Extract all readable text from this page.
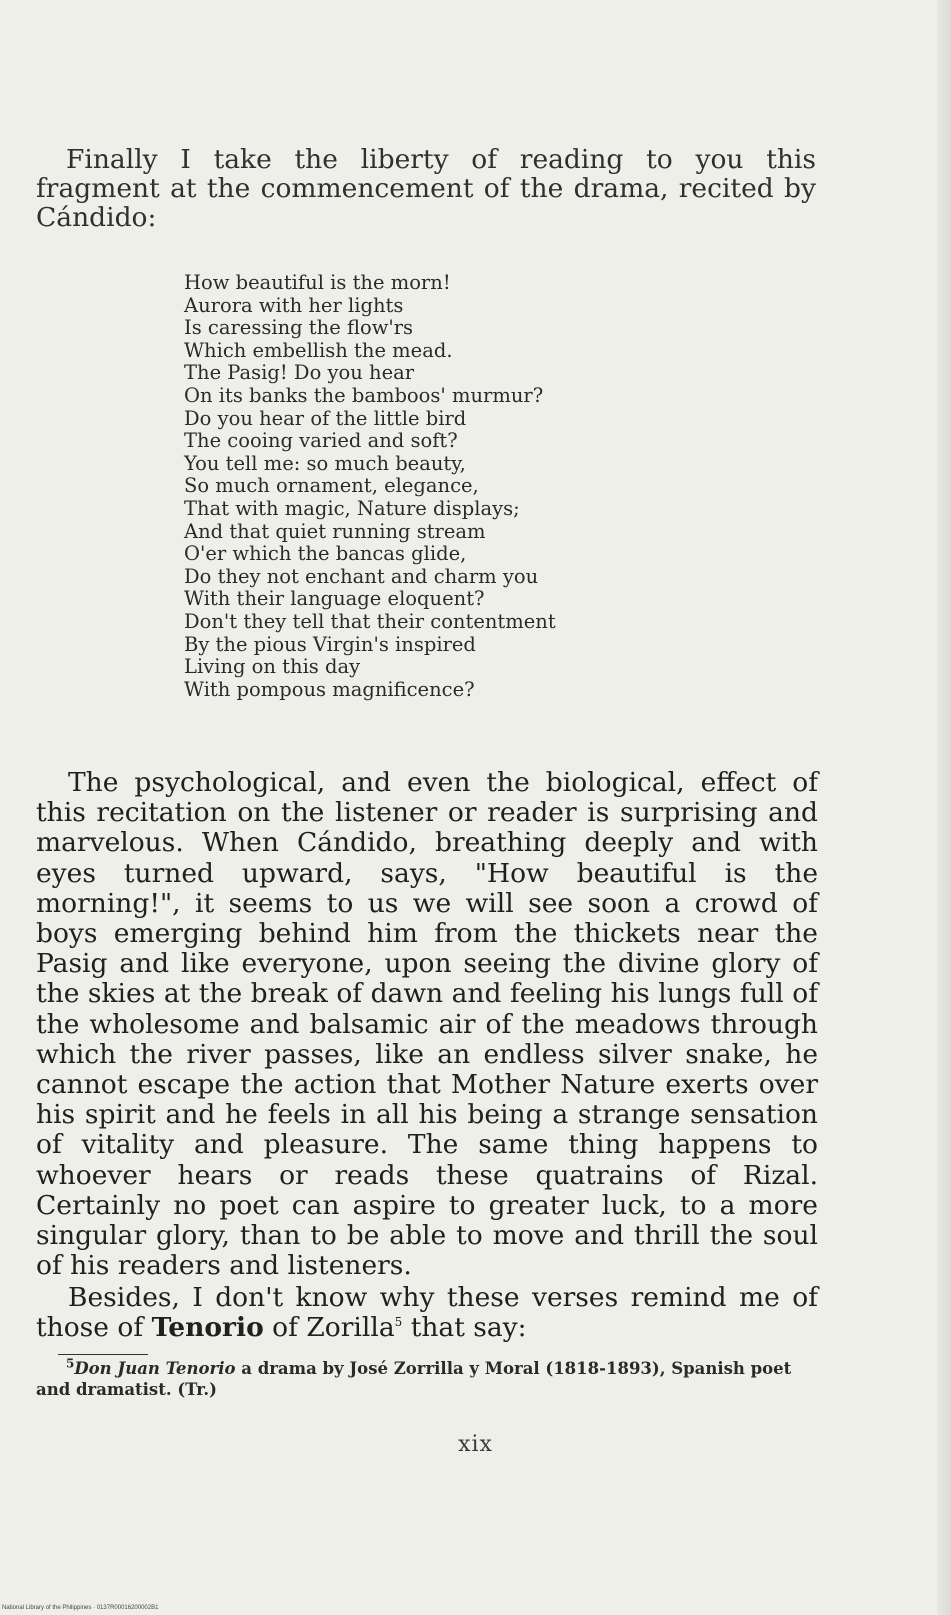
Finally I take the liberty of reading to you this fragment at the commencement of the drama, recited by Cándido:

How beautiful is the morn!
Aurora with her lights
Is caressing the flow'rs
Which embellish the mead.
The Pasig! Do you hear
On its banks the bamboos' murmur?
Do you hear of the little bird
The cooing varied and soft?
You tell me: so much beauty,
So much ornament, elegance,
That with magic, Nature displays;
And that quiet running stream
O'er which the bancas glide,
Do they not enchant and charm you
With their language eloquent?
Don't they tell that their contentment
By the pious Virgin's inspired
Living on this day
With pompous magnificence?

The psychological, and even the biological, effect of this recitation on the listener or reader is surprising and marvelous. When Cándido, breathing deeply and with eyes turned upward, says, "How beautiful is the morning!", it seems to us we will see soon a crowd of boys emerging behind him from the thickets near the Pasig and like everyone, upon seeing the divine glory of the skies at the break of dawn and feeling his lungs full of the wholesome and balsamic air of the meadows through which the river passes, like an endless silver snake, he cannot escape the action that Mother Nature exerts over his spirit and he feels in all his being a strange sensation of vitality and pleasure. The same thing happens to whoever hears or reads these quatrains of Rizal. Certainly no poet can aspire to greater luck, to a more singular glory, than to be able to move and thrill the soul of his readers and listeners.

Besides, I don't know why these verses remind me of those of Tenorio of Zorilla$^5$ that say:

$^5$Don Juan Tenorio a drama by José Zorrilla y Moral (1818-1893), Spanish poet and dramatist. (Tr.)

xix
National Library of the Philippines · 0137R00016200002B1
